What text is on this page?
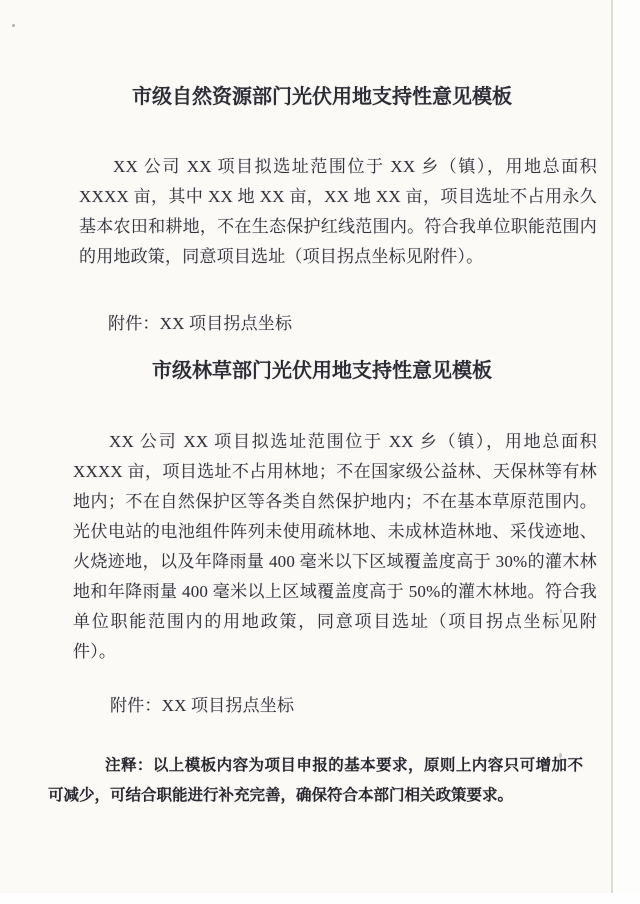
市级自然资源部门光伏用地支持性意见模板
XX 公司 XX 项目拟选址范围位于 XX 乡（镇），用地总面积 XXXX 亩，其中 XX 地 XX 亩，XX 地 XX 亩，项目选址不占用永久基本农田和耕地，不在生态保护红线范围内。符合我单位职能范围内的用地政策，同意项目选址（项目拐点坐标见附件）。
附件：XX 项目拐点坐标
市级林草部门光伏用地支持性意见模板
XX 公司 XX 项目拟选址范围位于 XX 乡（镇），用地总面积 XXXX 亩，项目选址不占用林地；不在国家级公益林、天保林等有林地内；不在自然保护区等各类自然保护地内；不在基本草原范围内。光伏电站的电池组件阵列未使用疏林地、未成林造林地、采伐迹地、火烧迹地，以及年降雨量 400 毫米以下区域覆盖度高于 30%的灌木林地和年降雨量 400 毫米以上区域覆盖度高于 50%的灌木林地。符合我单位职能范围内的用地政策，同意项目选址（项目拐点坐标见附件）。
附件：XX 项目拐点坐标
注释：以上模板内容为项目申报的基本要求，原则上内容只可增加不可减少，可结合职能进行补充完善，确保符合本部门相关政策要求。
